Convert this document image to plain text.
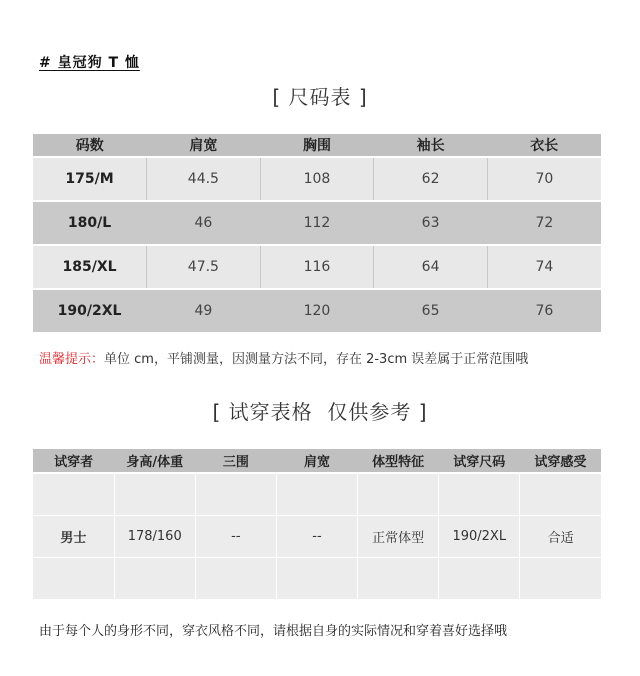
# 皇冠狗 T 恤
[ 尺码表 ]
码数	肩宽	胸围	袖长	衣长
175/M	44.5	108	62	70
180/L	46	112	63	72
185/XL	47.5	116	64	74
190/2XL	49	120	65	76
温馨提示：单位 cm，平铺测量，因测量方法不同，存在 2-3cm 误差属于正常范围哦
[ 试穿表格  仅供参考 ]
试穿者	身高/体重	三围	肩宽	体型特征	试穿尺码	试穿感受

男士	178/160	--	--	正常体型	190/2XL	合适

由于每个人的身形不同，穿衣风格不同，请根据自身的实际情况和穿着喜好选择哦
